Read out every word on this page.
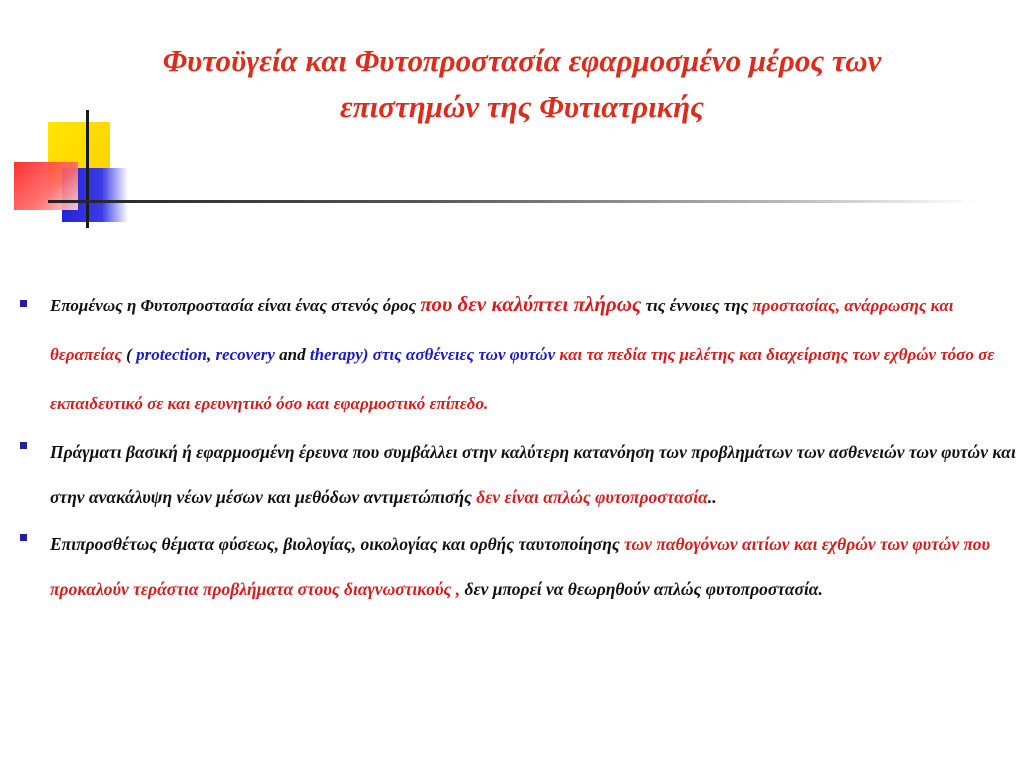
Φυτοϋγεία και Φυτοπροστασία εφαρμοσμένο μέρος των
επιστημών της Φυτιατρικής

Επομένως η Φυτοπροστασία είναι ένας στενός όρος που δεν καλύπτει πλήρως τις έννοιες της προστασίας, ανάρρωσης και θεραπείας ( protection, recovery and therapy) στις ασθένειες των φυτών και τα πεδία της μελέτης και διαχείρισης των εχθρών τόσο σε εκπαιδευτικό σε και ερευνητικό όσο και εφαρμοστικό επίπεδο.

Πράγματι βασική ή εφαρμοσμένη έρευνα που συμβάλλει στην καλύτερη κατανόηση των προβλημάτων των ασθενειών των φυτών και στην ανακάλυψη νέων μέσων και μεθόδων αντιμετώπισής δεν είναι απλώς φυτοπροστασία..

Επιπροσθέτως θέματα φύσεως, βιολογίας, οικολογίας και ορθής ταυτοποίησης των παθογόνων αιτίων και εχθρών των φυτών που προκαλούν τεράστια προβλήματα στους διαγνωστικούς , δεν μπορεί να θεωρηθούν απλώς φυτοπροστασία.
